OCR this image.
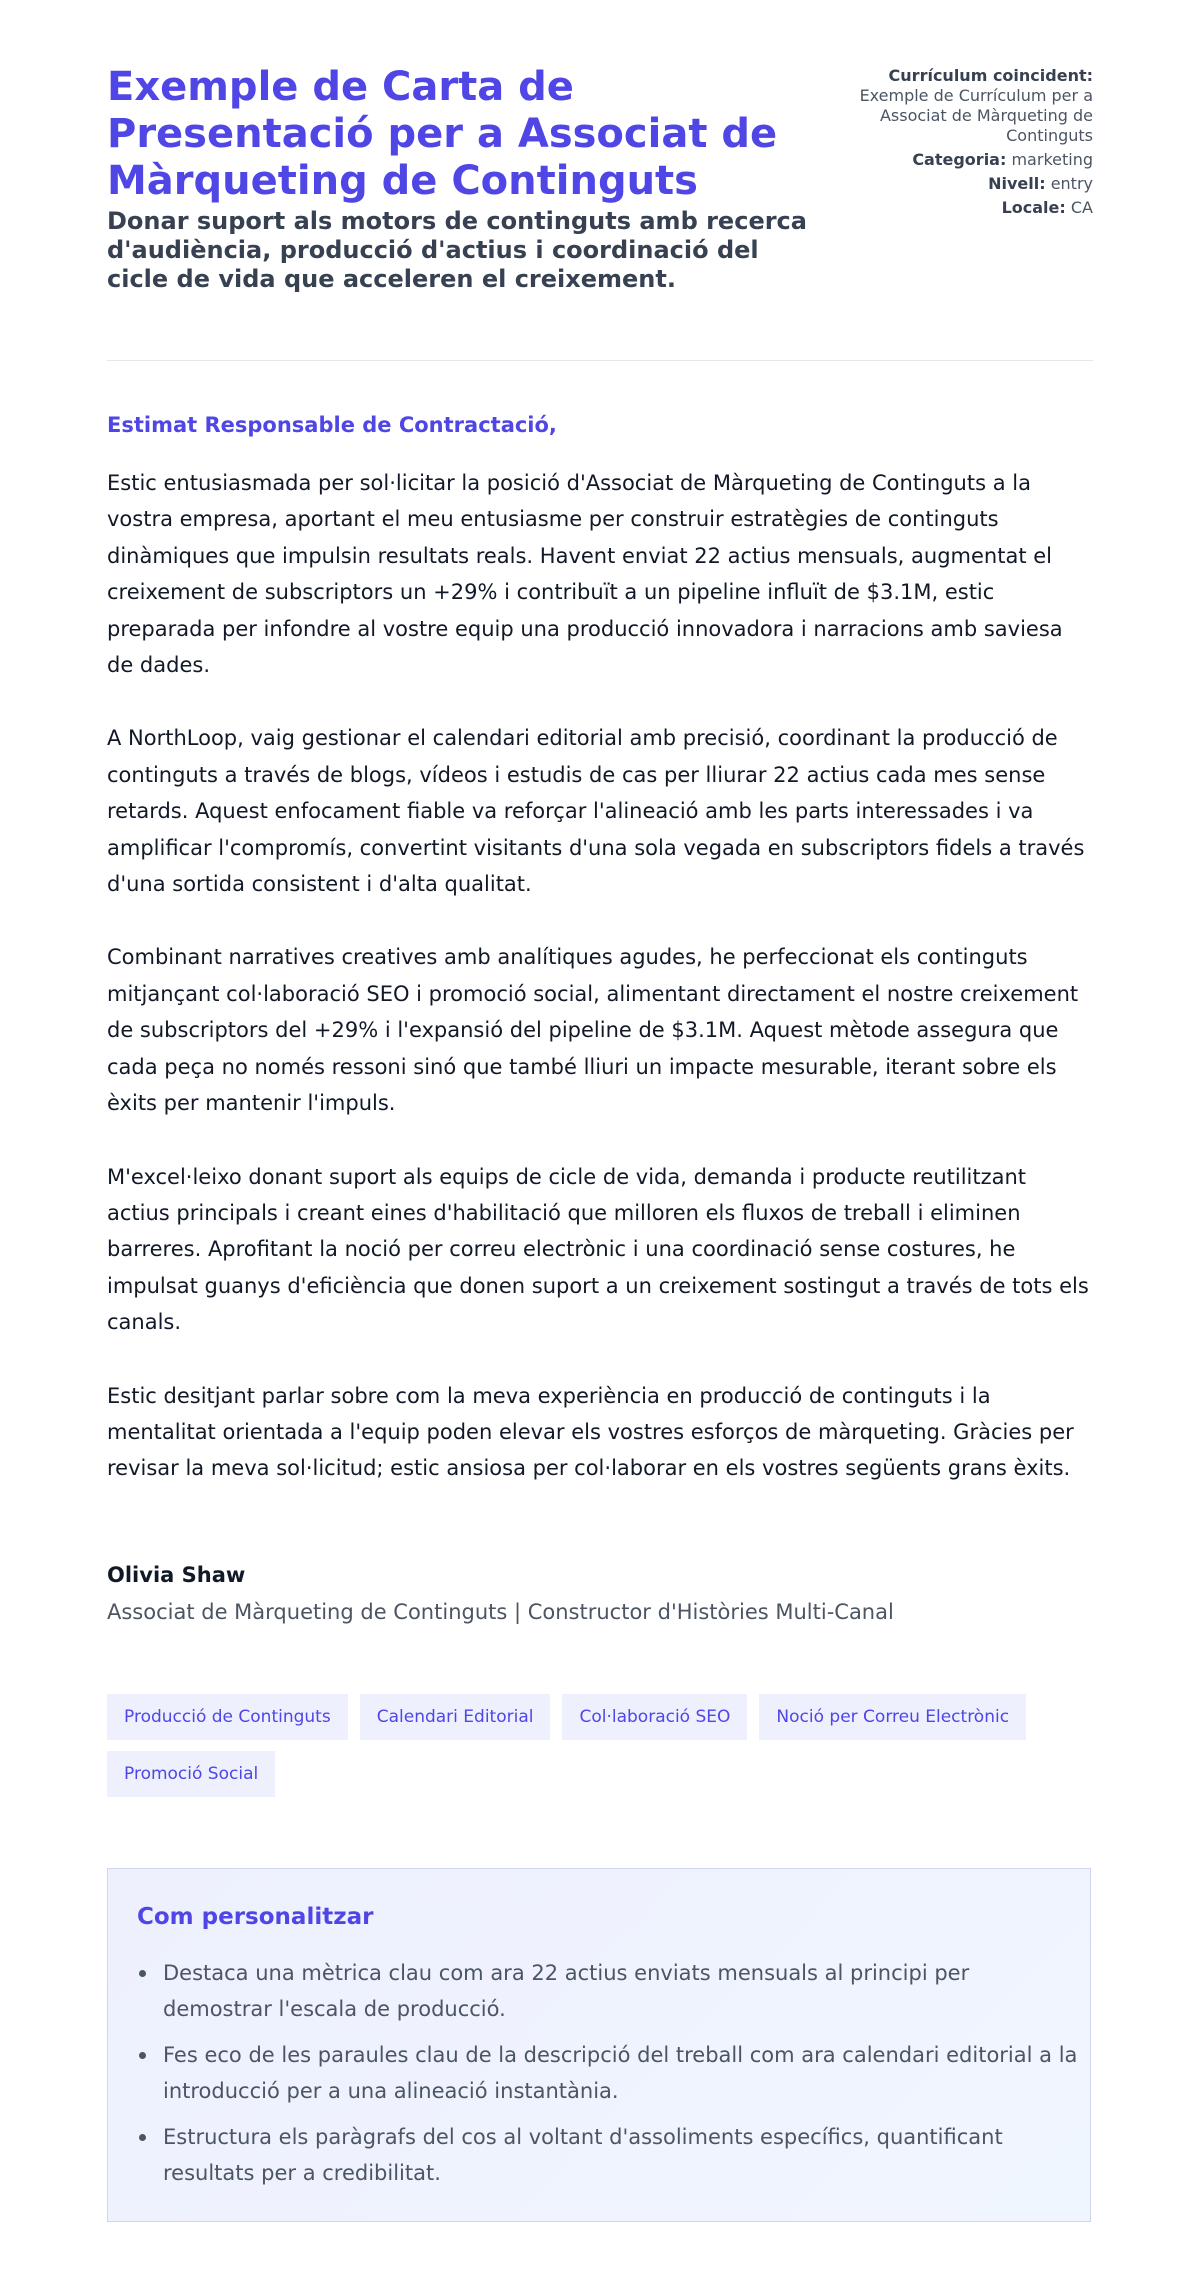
Exemple de Carta de Presentació per a Associat de Màrqueting de Continguts
Donar suport als motors de continguts amb recerca d'audiència, producció d'actius i coordinació del cicle de vida que acceleren el creixement.
Currículum coincident:
Exemple de Currículum per a Associat de Màrqueting de Continguts
Categoria: marketing
Nivell: entry
Locale: CA

Estimat Responsable de Contractació,

Estic entusiasmada per sol·licitar la posició d'Associat de Màrqueting de Continguts a la vostra empresa, aportant el meu entusiasme per construir estratègies de continguts dinàmiques que impulsin resultats reals. Havent enviat 22 actius mensuals, augmentat el creixement de subscriptors un +29% i contribuït a un pipeline influït de $3.1M, estic preparada per infondre al vostre equip una producció innovadora i narracions amb saviesa de dades.

A NorthLoop, vaig gestionar el calendari editorial amb precisió, coordinant la producció de continguts a través de blogs, vídeos i estudis de cas per lliurar 22 actius cada mes sense retards. Aquest enfocament fiable va reforçar l'alineació amb les parts interessades i va amplificar l'compromís, convertint visitants d'una sola vegada en subscriptors fidels a través d'una sortida consistent i d'alta qualitat.

Combinant narratives creatives amb analítiques agudes, he perfeccionat els continguts mitjançant col·laboració SEO i promoció social, alimentant directament el nostre creixement de subscriptors del +29% i l'expansió del pipeline de $3.1M. Aquest mètode assegura que cada peça no només ressoni sinó que també lliuri un impacte mesurable, iterant sobre els èxits per mantenir l'impuls.

M'excel·leixo donant suport als equips de cicle de vida, demanda i producte reutilitzant actius principals i creant eines d'habilitació que milloren els fluxos de treball i eliminen barreres. Aprofitant la noció per correu electrònic i una coordinació sense costures, he impulsat guanys d'eficiència que donen suport a un creixement sostingut a través de tots els canals.

Estic desitjant parlar sobre com la meva experiència en producció de continguts i la mentalitat orientada a l'equip poden elevar els vostres esforços de màrqueting. Gràcies per revisar la meva sol·licitud; estic ansiosa per col·laborar en els vostres següents grans èxits.

Olivia Shaw

Associat de Màrqueting de Continguts | Constructor d'Històries Multi-Canal

Producció de Continguts	Calendari Editorial	Col·laboració SEO	Noció per Correu Electrònic
Promoció Social
Com personalitzar
Destaca una mètrica clau com ara 22 actius enviats mensuals al principi per demostrar l'escala de producció.
Fes eco de les paraules clau de la descripció del treball com ara calendari editorial a la introducció per a una alineació instantània.
Estructura els paràgrafs del cos al voltant d'assoliments específics, quantificant resultats per a credibilitat.
